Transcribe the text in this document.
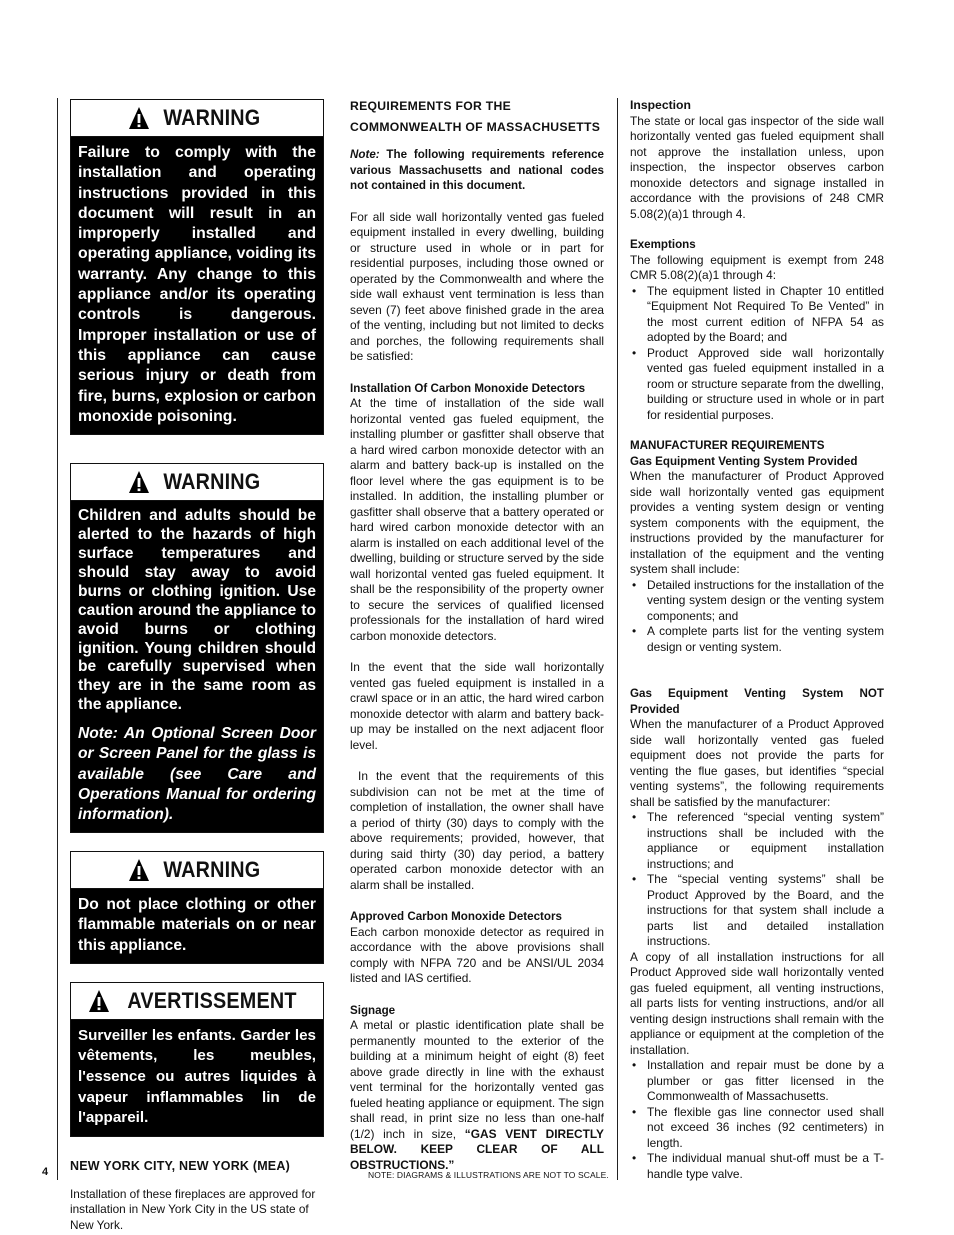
WARNING
Failure to comply with the installation and operating instructions provided in this document will result in an improperly installed and operating appliance, voiding its warranty. Any change to this appliance and/or its operating controls is dangerous. Improper installation or use of this appliance can cause serious injury or death from fire, burns, explosion or carbon monoxide poisoning.
WARNING
Children and adults should be alerted to the hazards of high surface temperatures and should stay away to avoid burns or clothing ignition. Use caution around the appliance to avoid burns or clothing ignition. Young children should be carefully supervised when they are in the same room as the appliance.
Note: An Optional Screen Door or Screen Panel for the glass is available (see Care and Operations Manual for ordering information).
WARNING
Do not place clothing or other flammable materials on or near this appliance.
AVERTISSEMENT
Surveiller les enfants. Garder les vêtements, les meubles, l'essence ou autres liquides à vapeur inflammables lin de l'appareil.
NEW YORK CITY, NEW YORK (MEA)

Installation of these fireplaces are approved for installation in New York City in the US state of New York.

REQUIREMENTS FOR THE COMMONWEALTH OF MASSACHUSETTS

Note: The following requirements reference various Massachusetts and national codes not contained in this document.

For all side wall horizontally vented gas fueled equipment installed in every dwelling, building or structure used in whole or in part for residential purposes, including those owned or operated by the Commonwealth and where the side wall exhaust vent termination is less than seven (7) feet above finished grade in the area of the venting, including but not limited to decks and porches, the following requirements shall be satisfied:

Installation Of Carbon Monoxide Detectors

At the time of installation of the side wall horizontal vented gas fueled equipment, the installing plumber or gasfitter shall observe that a hard wired carbon monoxide detector with an alarm and battery back-up is installed on the floor level where the gas equipment is to be installed. In addition, the installing plumber or gasfitter shall observe that a battery operated or hard wired carbon monoxide detector with an alarm is installed on each additional level of the dwelling, building or structure served by the side wall horizontal vented gas fueled equipment. It shall be the responsibility of the property owner to secure the services of qualified licensed professionals for the installation of hard wired carbon monoxide detectors.

In the event that the side wall horizontally vented gas fueled equipment is installed in a crawl space or in an attic, the hard wired carbon monoxide detector with alarm and battery back-up may be installed on the next adjacent floor level.

In the event that the requirements of this subdivision can not be met at the time of completion of installation, the owner shall have a period of thirty (30) days to comply with the above requirements; provided, however, that during said thirty (30) day period, a battery operated carbon monoxide detector with an alarm shall be installed.

Approved Carbon Monoxide Detectors

Each carbon monoxide detector as required in accordance with the above provisions shall comply with NFPA 720 and be ANSI/UL 2034 listed and IAS certified.

Signage

A metal or plastic identification plate shall be permanently mounted to the exterior of the building at a minimum height of eight (8) feet above grade directly in line with the exhaust vent terminal for the horizontally vented gas fueled heating appliance or equipment. The sign shall read, in print size no less than one-half (1/2) inch in size, “GAS VENT DIRECTLY BELOW. KEEP CLEAR OF ALL OBSTRUCTIONS.”

Inspection

The state or local gas inspector of the side wall horizontally vented gas fueled equipment shall not approve the installation unless, upon inspection, the inspector observes carbon monoxide detectors and signage installed in accordance with the provisions of 248 CMR 5.08(2)(a)1 through 4.

Exemptions

The following equipment is exempt from 248 CMR 5.08(2)(a)1 through 4:

• The equipment listed in Chapter 10 entitled “Equipment Not Required To Be Vented” in the most current edition of NFPA 54 as adopted by the Board; and
• Product Approved side wall horizontally vented gas fueled equipment installed in a room or structure separate from the dwelling, building or structure used in whole or in part for residential purposes.

MANUFACTURER REQUIREMENTS

Gas Equipment Venting System Provided

When the manufacturer of Product Approved side wall horizontally vented gas equipment provides a venting system design or venting system components with the equipment, the instructions provided by the manufacturer for installation of the equipment and the venting system shall include:

• Detailed instructions for the installation of the venting system design or the venting system components; and
• A complete parts list for the venting system design or venting system.

Gas Equipment Venting System NOT Provided

When the manufacturer of a Product Approved side wall horizontally vented gas fueled equipment does not provide the parts for venting the flue gases, but identifies “special venting systems”, the following requirements shall be satisfied by the manufacturer:

• The referenced “special venting system” instructions shall be included with the appliance or equipment installation instructions; and
• The “special venting systems” shall be Product Approved by the Board, and the instructions for that system shall include a parts list and detailed installation instructions.

A copy of all installation instructions for all Product Approved side wall horizontally vented gas fueled equipment, all venting instructions, all parts lists for venting instructions, and/or all venting design instructions shall remain with the appliance or equipment at the completion of the installation.

• Installation and repair must be done by a plumber or gas fitter licensed in the Commonwealth of Massachusetts.
• The flexible gas line connector used shall not exceed 36 inches (92 centimeters) in length.
• The individual manual shut-off must be a T-handle type valve.
4	NOTE: DIAGRAMS & ILLUSTRATIONS ARE NOT TO SCALE.
